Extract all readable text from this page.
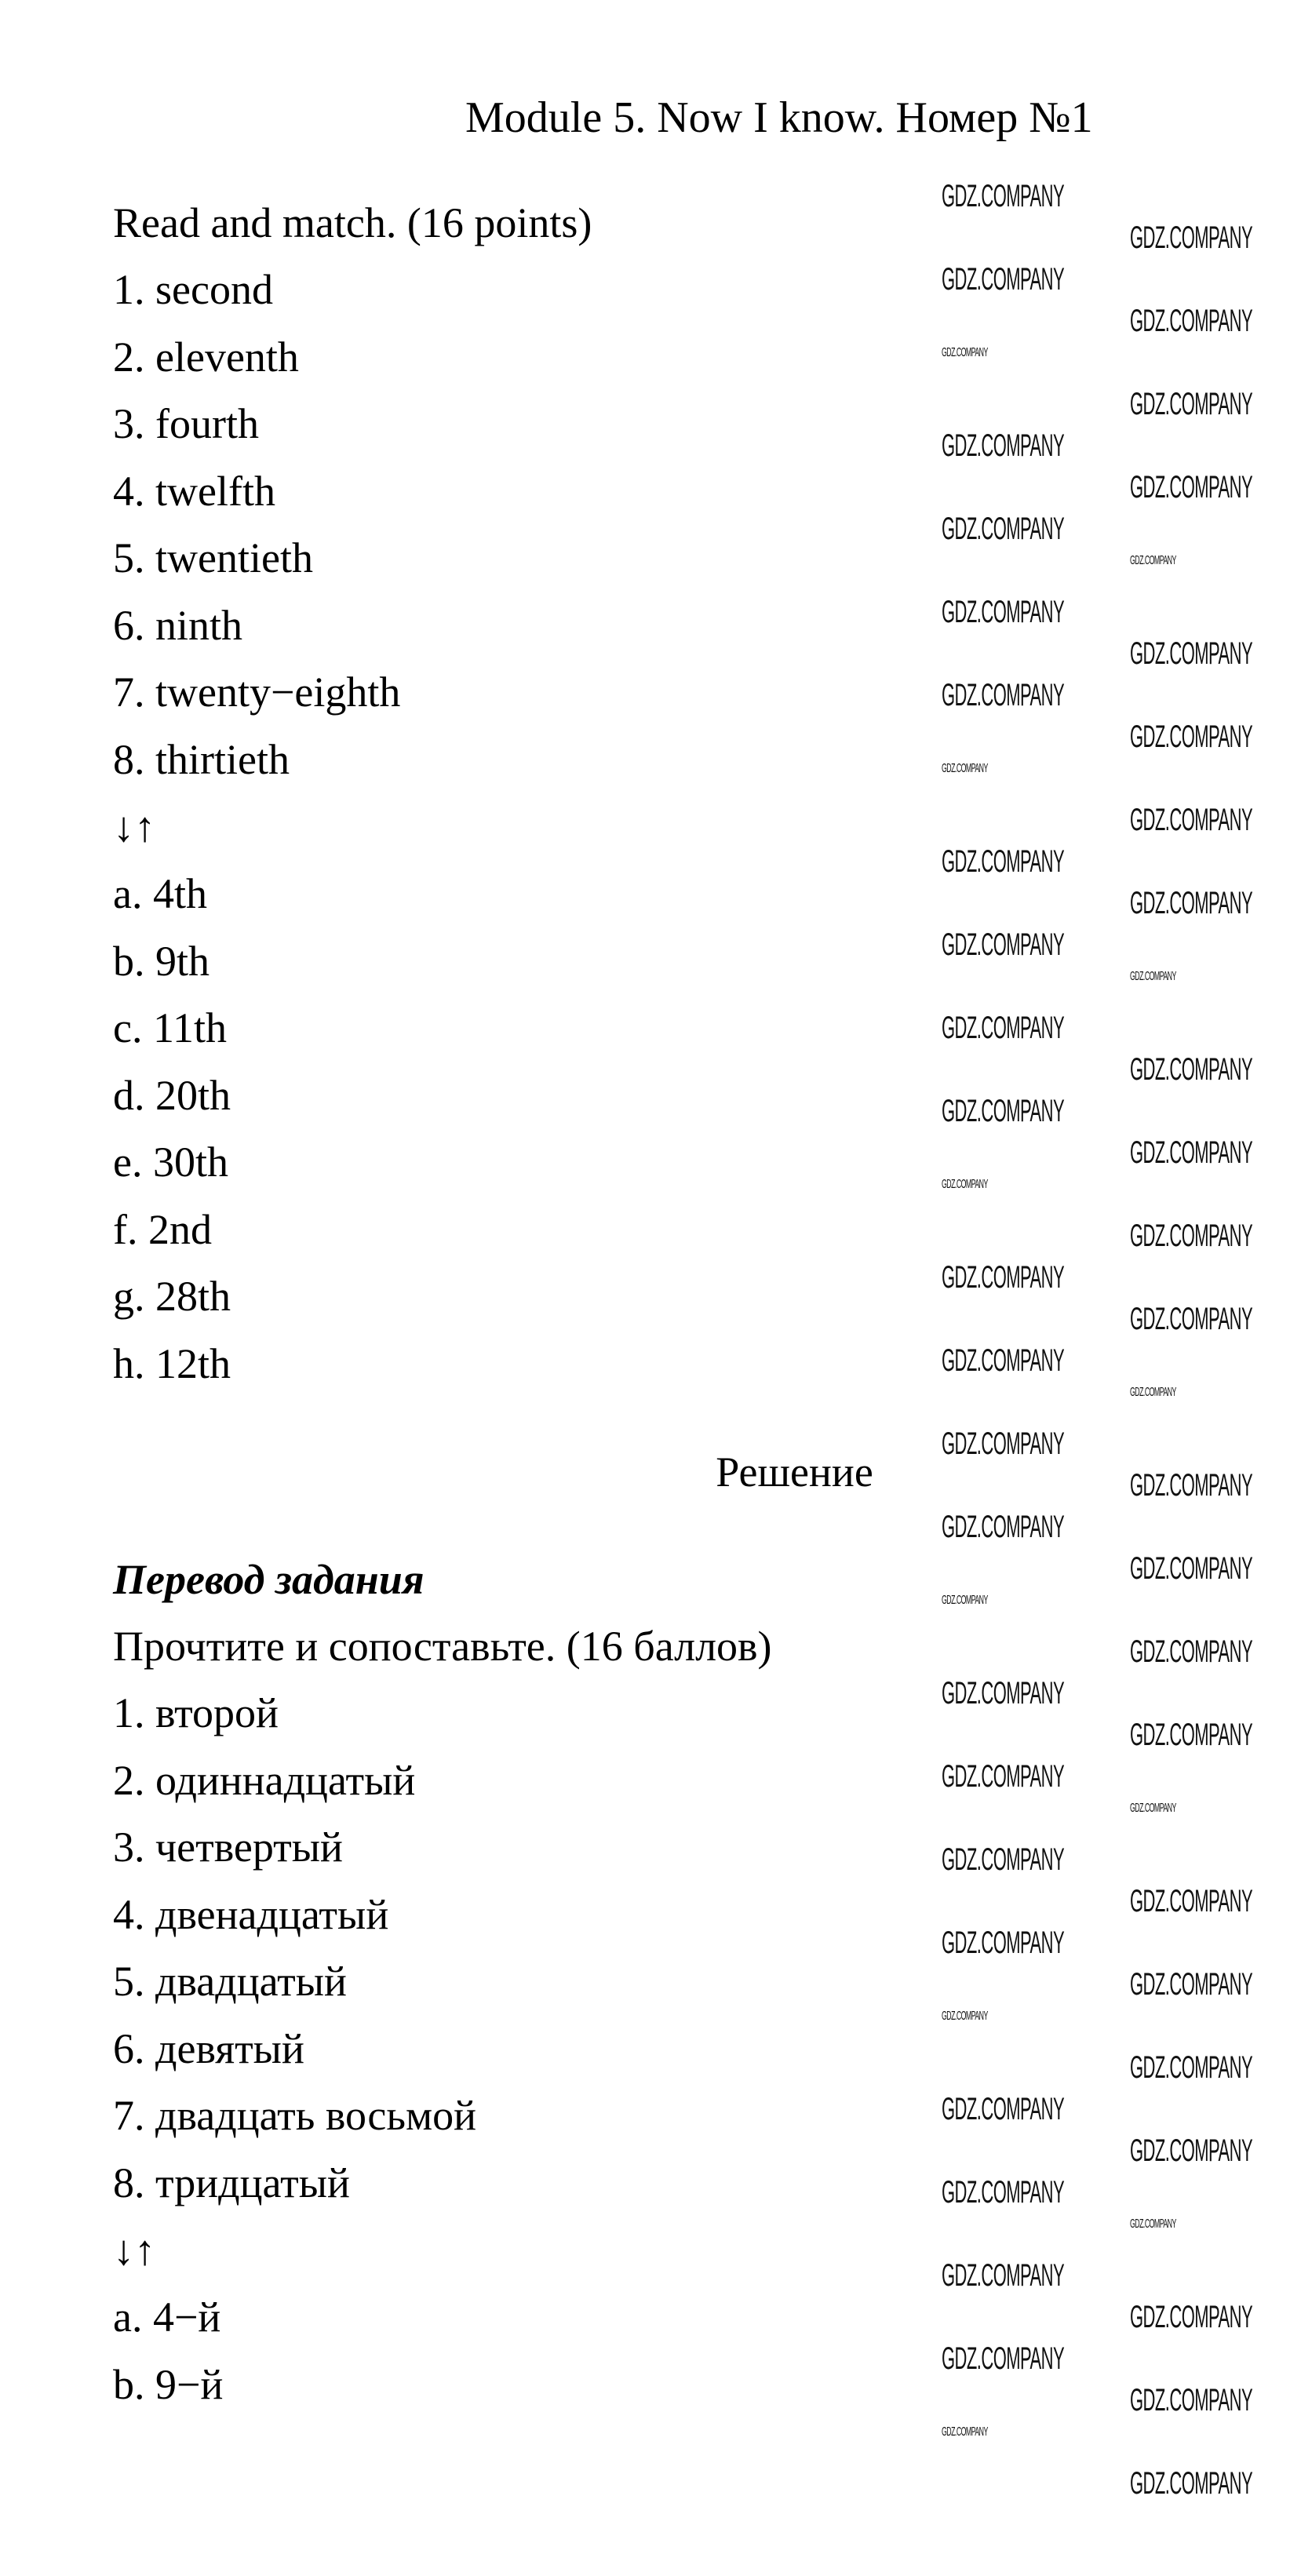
Module 5. Now I know. Номер №1
Read and match. (16 points)
1. second
2. eleventh
3. fourth
4. twelfth
5. twentieth
6. ninth
7. twenty−eighth
8. thirtieth
↓↑
a. 4th
b. 9th
c. 11th
d. 20th
e. 30th
f. 2nd
g. 28th
h. 12th
Решение
Перевод задания
Прочтите и сопоставьте. (16 баллов)
1. второй
2. одиннадцатый
3. четвертый
4. двенадцатый
5. двадцатый
6. девятый
7. двадцать восьмой
8. тридцатый
↓↑
a. 4−й
b. 9−й
GDZ.COMPANY
GDZ.COMPANY
GDZ.COMPANY
GDZ.COMPANY
GDZ.COMPANY
GDZ.COMPANY
GDZ.COMPANY
GDZ.COMPANY
GDZ.COMPANY
GDZ.COMPANY
GDZ.COMPANY
GDZ.COMPANY
GDZ.COMPANY
GDZ.COMPANY
GDZ.COMPANY
GDZ.COMPANY
GDZ.COMPANY
GDZ.COMPANY
GDZ.COMPANY
GDZ.COMPANY
GDZ.COMPANY
GDZ.COMPANY
GDZ.COMPANY
GDZ.COMPANY
GDZ.COMPANY
GDZ.COMPANY
GDZ.COMPANY
GDZ.COMPANY
GDZ.COMPANY
GDZ.COMPANY
GDZ.COMPANY
GDZ.COMPANY
GDZ.COMPANY
GDZ.COMPANY
GDZ.COMPANY
GDZ.COMPANY
GDZ.COMPANY
GDZ.COMPANY
GDZ.COMPANY
GDZ.COMPANY
GDZ.COMPANY
GDZ.COMPANY
GDZ.COMPANY
GDZ.COMPANY
GDZ.COMPANY
GDZ.COMPANY
GDZ.COMPANY
GDZ.COMPANY
GDZ.COMPANY
GDZ.COMPANY
GDZ.COMPANY
GDZ.COMPANY
GDZ.COMPANY
GDZ.COMPANY
GDZ.COMPANY
GDZ.COMPANY
